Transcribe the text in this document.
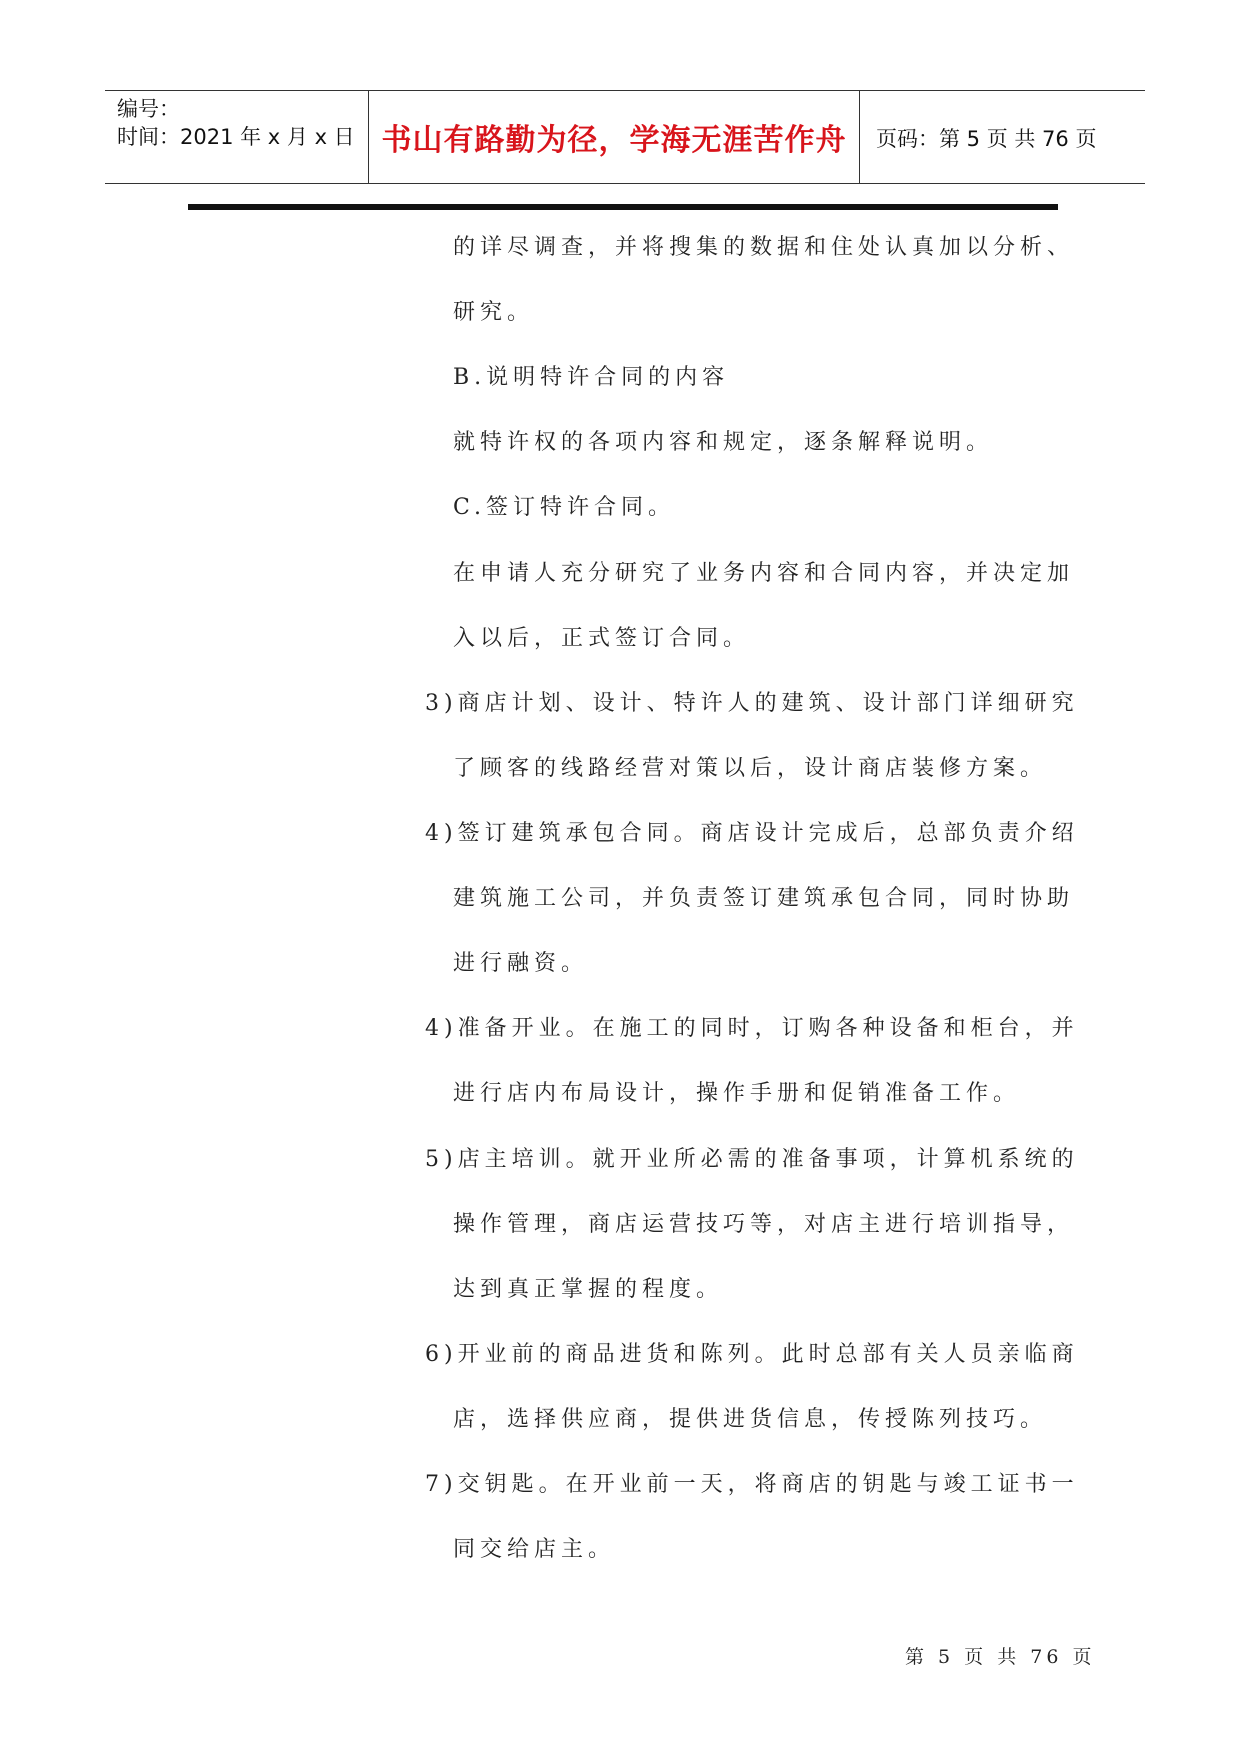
编号：
时间：2021 年 x 月 x 日 书山有路勤为径，学海无涯苦作舟	页码：第 5 页 共 76 页
的详尽调查，并将搜集的数据和住处认真加以分析、
研究。
B.说明特许合同的内容
就特许权的各项内容和规定，逐条解释说明。
C.签订特许合同。
在申请人充分研究了业务内容和合同内容，并决定加
入以后，正式签订合同。
3)商店计划、设计、特许人的建筑、设计部门详细研究
了顾客的线路经营对策以后，设计商店装修方案。
4)签订建筑承包合同。商店设计完成后，总部负责介绍
建筑施工公司，并负责签订建筑承包合同，同时协助
进行融资。
4)准备开业。在施工的同时，订购各种设备和柜台，并
进行店内布局设计，操作手册和促销准备工作。
5)店主培训。就开业所必需的准备事项，计算机系统的
操作管理，商店运营技巧等，对店主进行培训指导，
达到真正掌握的程度。
6)开业前的商品进货和陈列。此时总部有关人员亲临商
店，选择供应商，提供进货信息，传授陈列技巧。
7)交钥匙。在开业前一天，将商店的钥匙与竣工证书一
同交给店主。
第 5 页 共 76 页
